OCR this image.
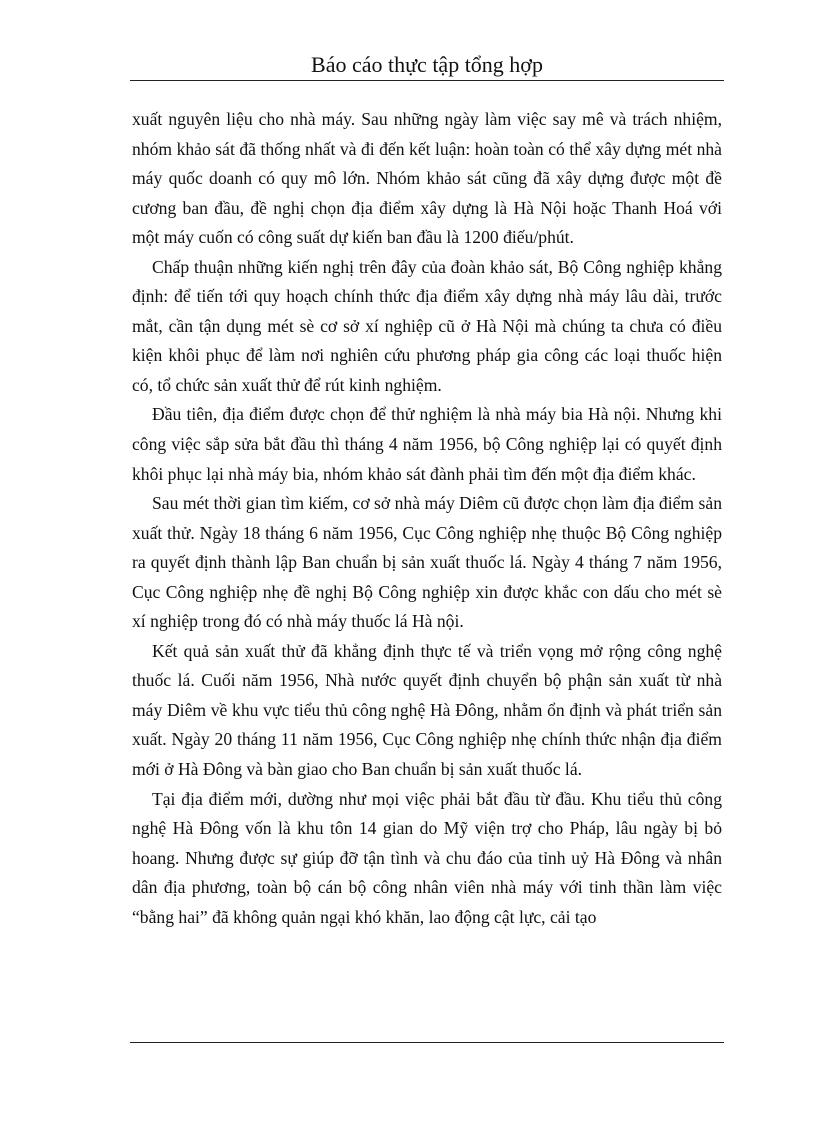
Báo cáo thực tập tổng hợp

xuất nguyên liệu cho nhà máy. Sau những ngày làm việc say mê và trách nhiệm, nhóm khảo sát đã thống nhất và đi đến kết luận: hoàn toàn có thể xây dựng mét nhà máy quốc doanh có quy mô lớn. Nhóm khảo sát cũng đã xây dựng được một đề cương ban đầu, đề nghị chọn địa điểm xây dựng là Hà Nội hoặc Thanh Hoá với một máy cuốn có công suất dự kiến ban đầu là 1200 điếu/phút.

Chấp thuận những kiến nghị trên đây của đoàn khảo sát, Bộ Công nghiệp khẳng định: để tiến tới quy hoạch chính thức địa điểm xây dựng nhà máy lâu dài, trước mắt, cần tận dụng mét sè cơ sở xí nghiệp cũ ở Hà Nội mà chúng ta chưa có điều kiện khôi phục để làm nơi nghiên cứu phương pháp gia công các loại thuốc hiện có, tổ chức sản xuất thử để rút kinh nghiệm.

Đầu tiên, địa điểm được chọn để thử nghiệm là nhà máy bia Hà nội. Nhưng khi công việc sắp sửa bắt đầu thì tháng 4 năm 1956, bộ Công nghiệp lại có quyết định khôi phục lại nhà máy bia, nhóm khảo sát đành phải tìm đến một địa điểm khác.

Sau mét thời gian tìm kiếm, cơ sở nhà máy Diêm cũ được chọn làm địa điểm sản xuất thử. Ngày 18 tháng 6 năm 1956, Cục Công nghiệp nhẹ thuộc Bộ Công nghiệp ra quyết định thành lập Ban chuẩn bị sản xuất thuốc lá. Ngày 4 tháng 7 năm 1956, Cục Công nghiệp nhẹ đề nghị Bộ Công nghiệp xin được khắc con dấu cho mét sè xí nghiệp trong đó có nhà máy thuốc lá Hà nội.

Kết quả sản xuất thử đã khẳng định thực tế và triển vọng mở rộng công nghệ thuốc lá. Cuối năm 1956, Nhà nước quyết định chuyển bộ phận sản xuất từ nhà máy Diêm về khu vực tiểu thủ công nghệ Hà Đông, nhằm ổn định và phát triển sản xuất. Ngày 20 tháng 11 năm 1956, Cục Công nghiệp nhẹ chính thức nhận địa điểm mới ở Hà Đông và bàn giao cho Ban chuẩn bị sản xuất thuốc lá.

Tại địa điểm mới, dường như mọi việc phải bắt đầu từ đầu. Khu tiểu thủ công nghệ Hà Đông vốn là khu tôn 14 gian do Mỹ viện trợ cho Pháp, lâu ngày bị bỏ hoang. Nhưng được sự giúp đỡ tận tình và chu đáo của tỉnh uỷ Hà Đông và nhân dân địa phương, toàn bộ cán bộ công nhân viên nhà máy với tinh thần làm việc “bằng hai” đã không quản ngại khó khăn, lao động cật lực, cải tạo
